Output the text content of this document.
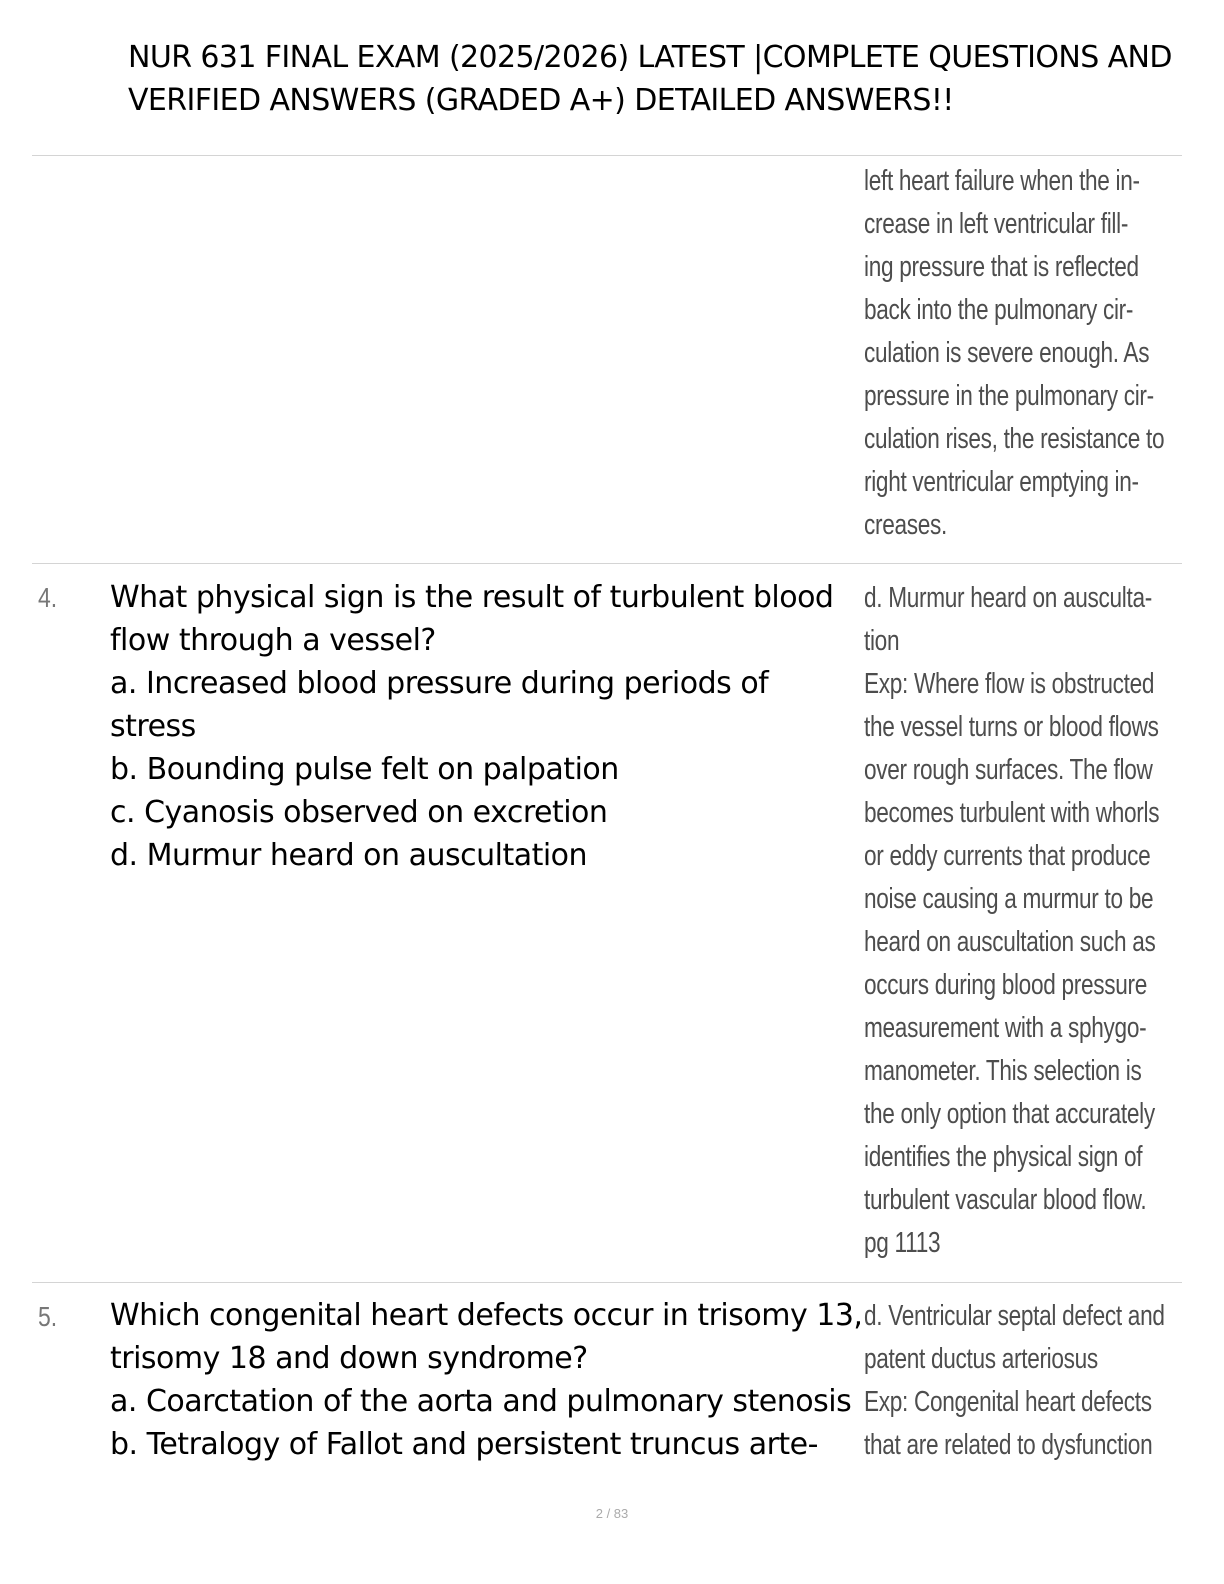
NUR 631 FINAL EXAM (2025/2026) LATEST |COMPLETE QUESTIONS AND
VERIFIED ANSWERS (GRADED A+) DETAILED ANSWERS!!
left heart failure when the in-
crease in left ventricular fill-
ing pressure that is reflected
back into the pulmonary cir-
culation is severe enough. As
pressure in the pulmonary cir-
culation rises, the resistance to
right ventricular emptying in-
creases.
4. What physical sign is the result of turbulent blood
flow through a vessel?
a. Increased blood pressure during periods of
stress
b. Bounding pulse felt on palpation
c. Cyanosis observed on excretion
d. Murmur heard on auscultation
d. Murmur heard on ausculta-
tion
Exp: Where flow is obstructed
the vessel turns or blood flows
over rough surfaces. The flow
becomes turbulent with whorls
or eddy currents that produce
noise causing a murmur to be
heard on auscultation such as
occurs during blood pressure
measurement with a sphygo-
manometer. This selection is
the only option that accurately
identifies the physical sign of
turbulent vascular blood flow.
pg 1113
5. Which congenital heart defects occur in trisomy 13,
trisomy 18 and down syndrome?
a. Coarctation of the aorta and pulmonary stenosis
b. Tetralogy of Fallot and persistent truncus arte-
d. Ventricular septal defect and
patent ductus arteriosus
Exp: Congenital heart defects
that are related to dysfunction
2 / 83
